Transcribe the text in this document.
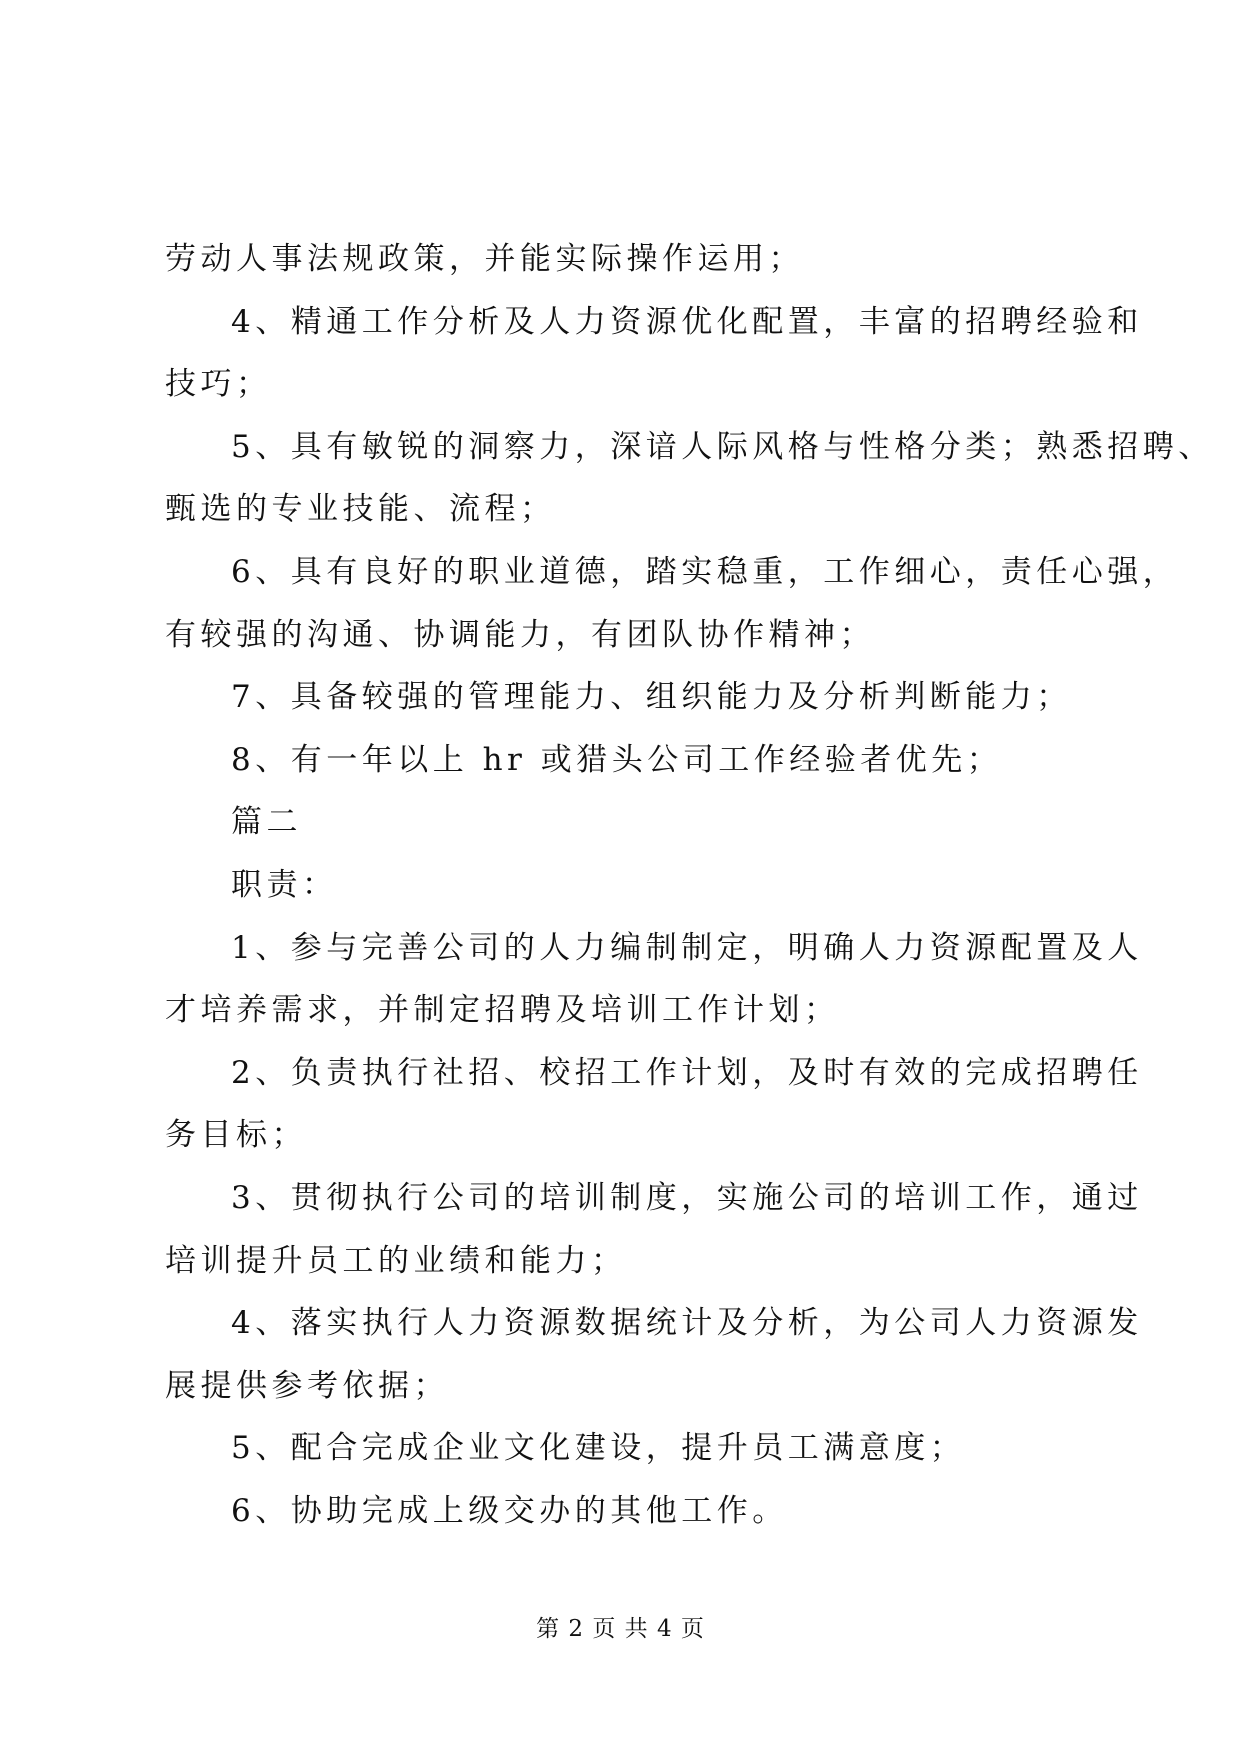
劳动人事法规政策，并能实际操作运用；
4、精通工作分析及人力资源优化配置，丰富的招聘经验和
技巧；
5、具有敏锐的洞察力，深谙人际风格与性格分类；熟悉招聘、
甄选的专业技能、流程；
6、具有良好的职业道德，踏实稳重，工作细心，责任心强，
有较强的沟通、协调能力，有团队协作精神；
7、具备较强的管理能力、组织能力及分析判断能力；
8、有一年以上 hr 或猎头公司工作经验者优先；
篇二
职责：
1、参与完善公司的人力编制制定，明确人力资源配置及人
才培养需求，并制定招聘及培训工作计划；
2、负责执行社招、校招工作计划，及时有效的完成招聘任
务目标；
3、贯彻执行公司的培训制度，实施公司的培训工作，通过
培训提升员工的业绩和能力；
4、落实执行人力资源数据统计及分析，为公司人力资源发
展提供参考依据；
5、配合完成企业文化建设，提升员工满意度；
6、协助完成上级交办的其他工作。
第 2 页 共 4 页
